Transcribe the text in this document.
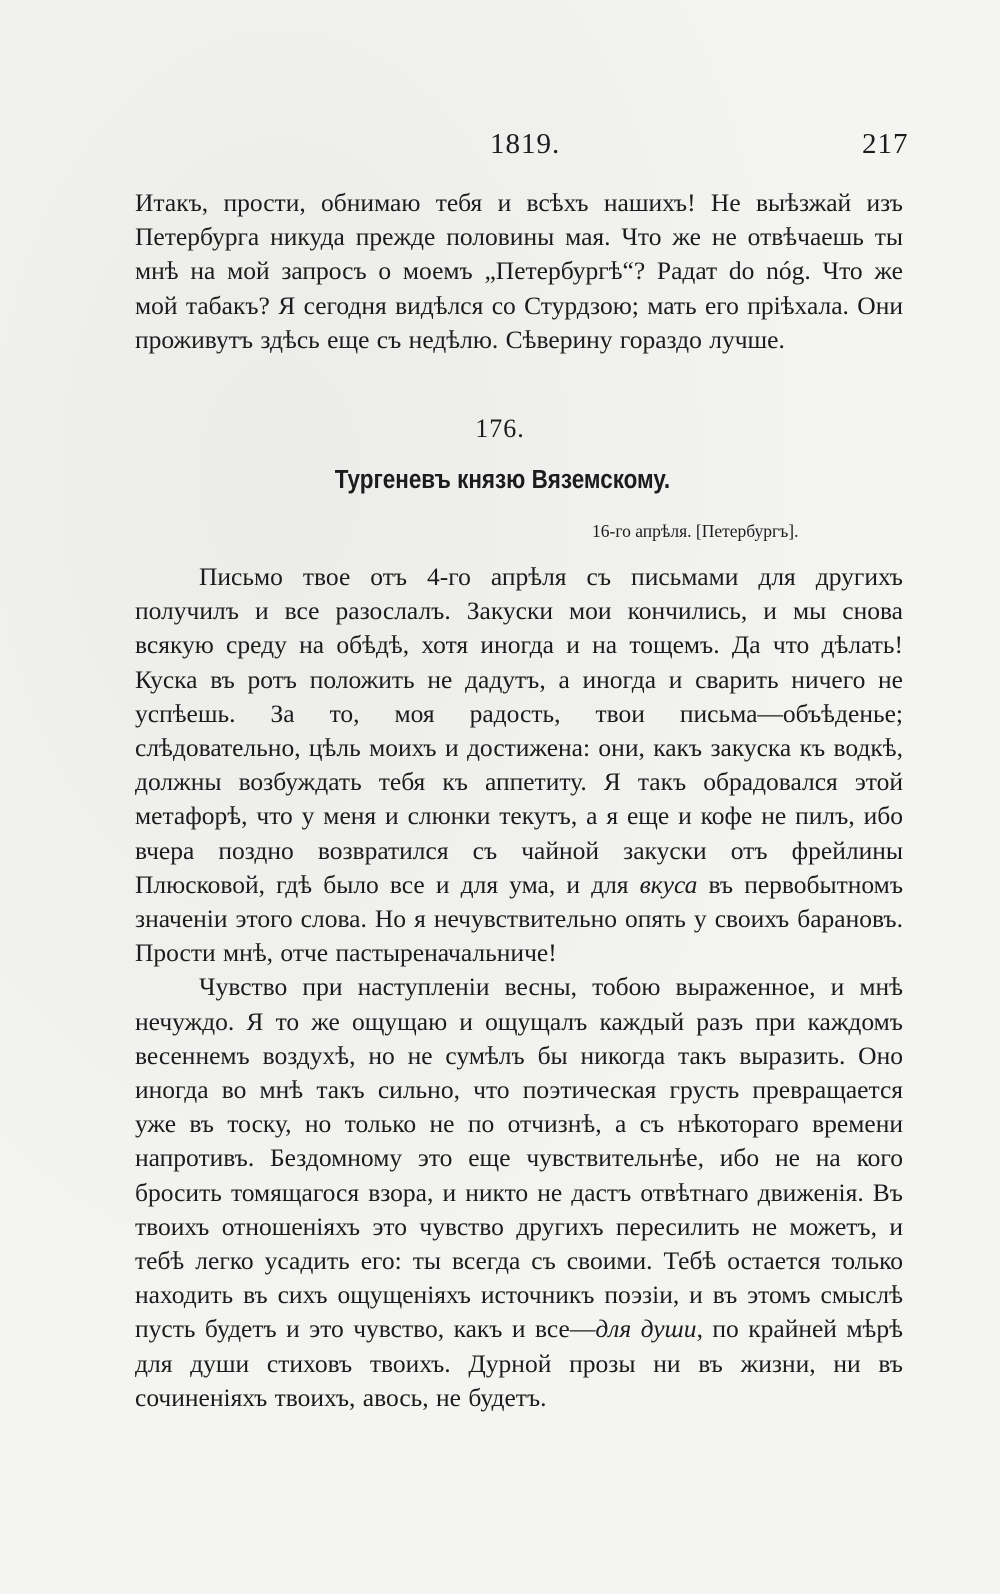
1819.	217

Итакъ, прости, обнимаю тебя и всѣхъ нашихъ! Не выѣзжай изъ Петербурга никуда прежде половины мая. Что же не отвѣчаешь ты мнѣ на мой запросъ о моемъ „Петербургѣ“? Радат do nóg. Что же мой табакъ? Я сегодня видѣлся со Стурдзою; мать его пріѣхала. Они проживутъ здѣсь еще съ недѣлю. Сѣверину гораздо лучше.

176.
Тургеневъ князю Вяземскому.
16-го апрѣля. [Петербургъ].

Письмо твое отъ 4-го апрѣля съ письмами для другихъ получилъ и все разослалъ. Закуски мои кончились, и мы снова всякую среду на обѣдѣ, хотя иногда и на тощемъ. Да что дѣлать! Куска въ ротъ положить не дадутъ, а иногда и сварить ничего не успѣешь. За то, моя радость, твои письма—объѣденье; слѣдовательно, цѣль моихъ и достижена: они, какъ закуска къ водкѣ, должны возбуждать тебя къ аппетиту. Я такъ обрадовался этой метафорѣ, что у меня и слюнки текутъ, а я еще и кофе не пилъ, ибо вчера поздно возвратился съ чайной закуски отъ фрейлины Плюсковой, гдѣ было все и для ума, и для вкуса въ первобытномъ значеніи этого слова. Но я нечувствительно опять у своихъ барановъ. Прости мнѣ, отче пастыреначальниче!

Чувство при наступленіи весны, тобою выраженное, и мнѣ нечуждо. Я то же ощущаю и ощущалъ каждый разъ при каждомъ весеннемъ воздухѣ, но не сумѣлъ бы никогда такъ выразить. Оно иногда во мнѣ такъ сильно, что поэтическая грусть превращается уже въ тоску, но только не по отчизнѣ, а съ нѣкотораго времени напротивъ. Бездомному это еще чувствительнѣе, ибо не на кого бросить томящагося взора, и никто не дастъ отвѣтнаго движенія. Въ твоихъ отношеніяхъ это чувство другихъ пересилить не можетъ, и тебѣ легко усадить его: ты всегда съ своими. Тебѣ остается только находить въ сихъ ощущеніяхъ источникъ поэзіи, и въ этомъ смыслѣ пусть будетъ и это чувство, какъ и все—для души, по крайней мѣрѣ для души стиховъ твоихъ. Дурной прозы ни въ жизни, ни въ сочиненіяхъ твоихъ, авось, не будетъ.
